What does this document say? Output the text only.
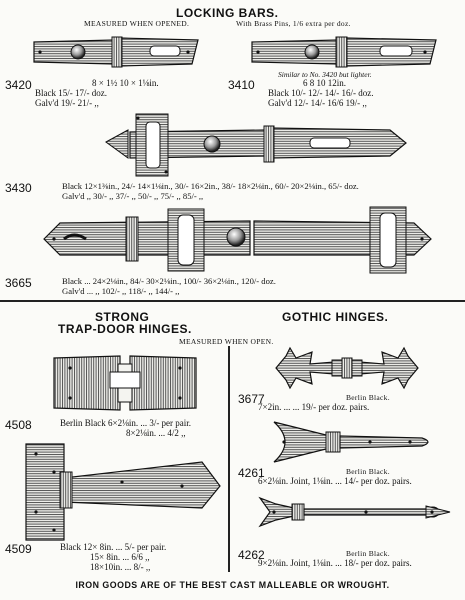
LOCKING BARS.
MEASURED WHEN OPENED.	With Brass Pins, 1/6 extra per doz.
3420	8 × 1½ 10 × 1⅛in.
Black 15/- 17/- doz.
Galv'd 19/- 21/- ,,
Similar to No. 3420 but lighter.
3410	6 8 10 12in.
Black 10/- 12/- 14/- 16/- doz.
Galv'd 12/- 14/- 16/6 19/- ,,
3430	Black 12×1⅜in., 24/- 14×1⅛in., 30/- 16×2in., 38/- 18×2⅛in., 60/- 20×2⅛in., 65/- doz.
Galv'd ,, 30/- ,, 37/- ,, 50/- ,, 75/- ,, 85/- ,,
3665	Black ... 24×2⅛in., 84/- 30×2⅛in., 100/- 36×2⅛in., 120/- doz.
Galv'd ... ,, 102/- ,, 118/- ,, 144/- ,,
STRONG
TRAP-DOOR HINGES.
MEASURED WHEN OPEN.
GOTHIC HINGES.
4508	Berlin Black 6×2⅛in. ... 3/- per pair.
8×2⅛in. ... 4/2 ,,
4509	Black 12× 8in. ... 5/- per pair.
15× 8in. ... 6/6 ,,
18×10in. ... 8/- ,,
3677	Berlin Black.
7×2in. ... ... 19/- per doz. pairs.
4261	Berlin Black.
6×2⅛in. Joint, 1⅛in. ... 14/- per doz. pairs.
4262	Berlin Black.
9×2⅛in. Joint, 1⅛in. ... 18/- per doz. pairs.
IRON GOODS ARE OF THE BEST CAST MALLEABLE OR WROUGHT.
